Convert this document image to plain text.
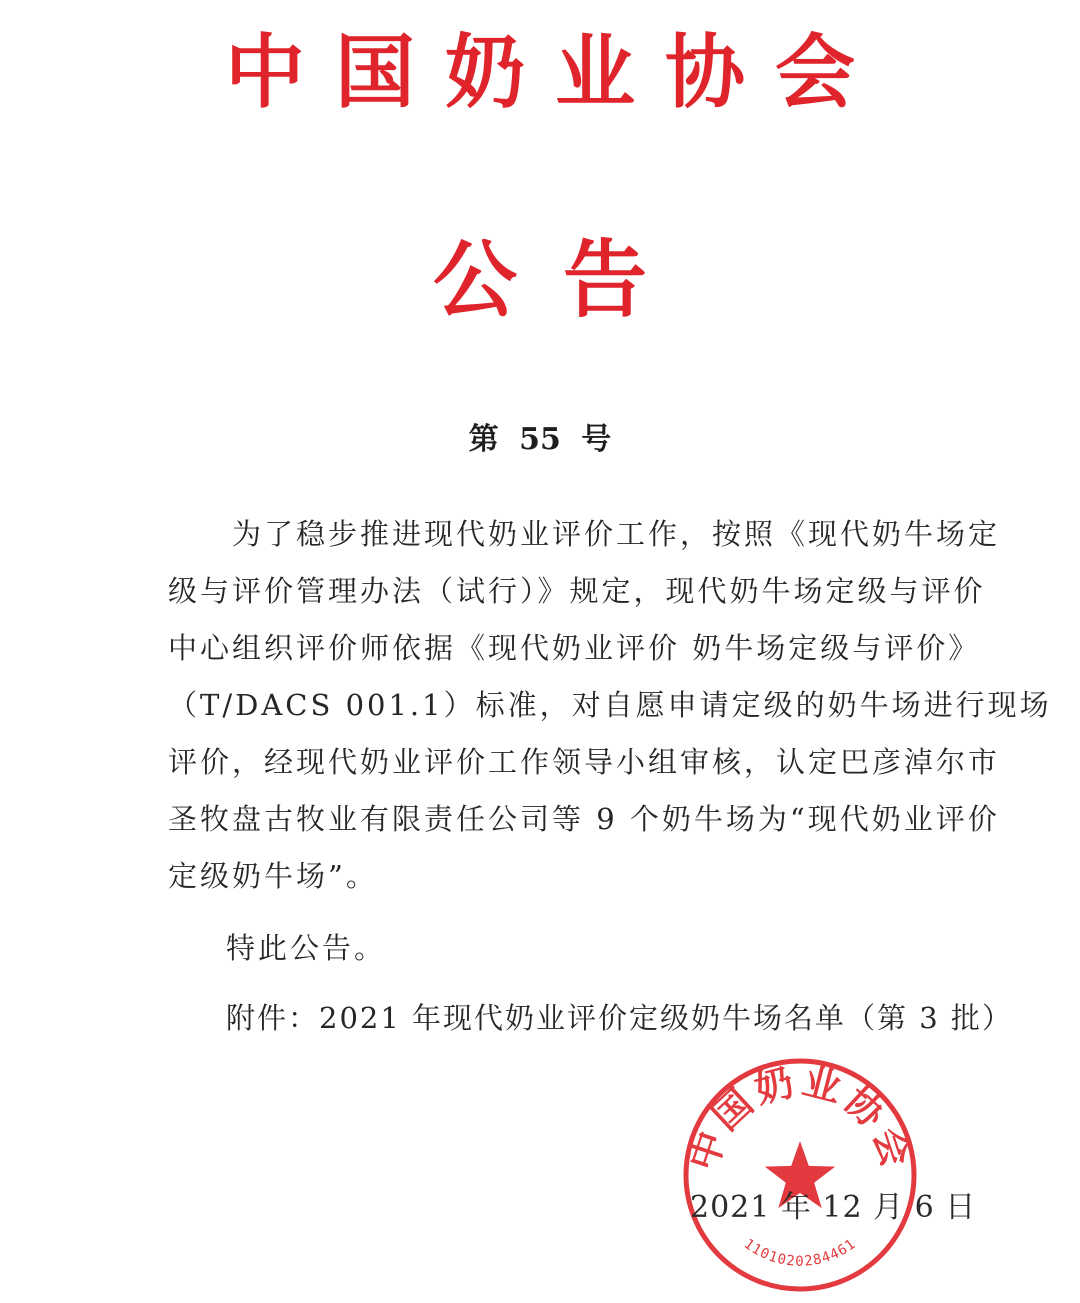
中国奶业协会
公告
第 55 号
　　为了稳步推进现代奶业评价工作，按照《现代奶牛场定
级与评价管理办法（试行）》规定，现代奶牛场定级与评价
中心组织评价师依据《现代奶业评价 奶牛场定级与评价》
（T/DACS 001.1）标准，对自愿申请定级的奶牛场进行现场
评价，经现代奶业评价工作领导小组审核，认定巴彦淖尔市
圣牧盘古牧业有限责任公司等 9 个奶牛场为“现代奶业评价
定级奶牛场”。
特此公告。
附件：2021 年现代奶业评价定级奶牛场名单（第 3 批）
中国奶业协会
1101020284461
2021 年 12 月 6 日
